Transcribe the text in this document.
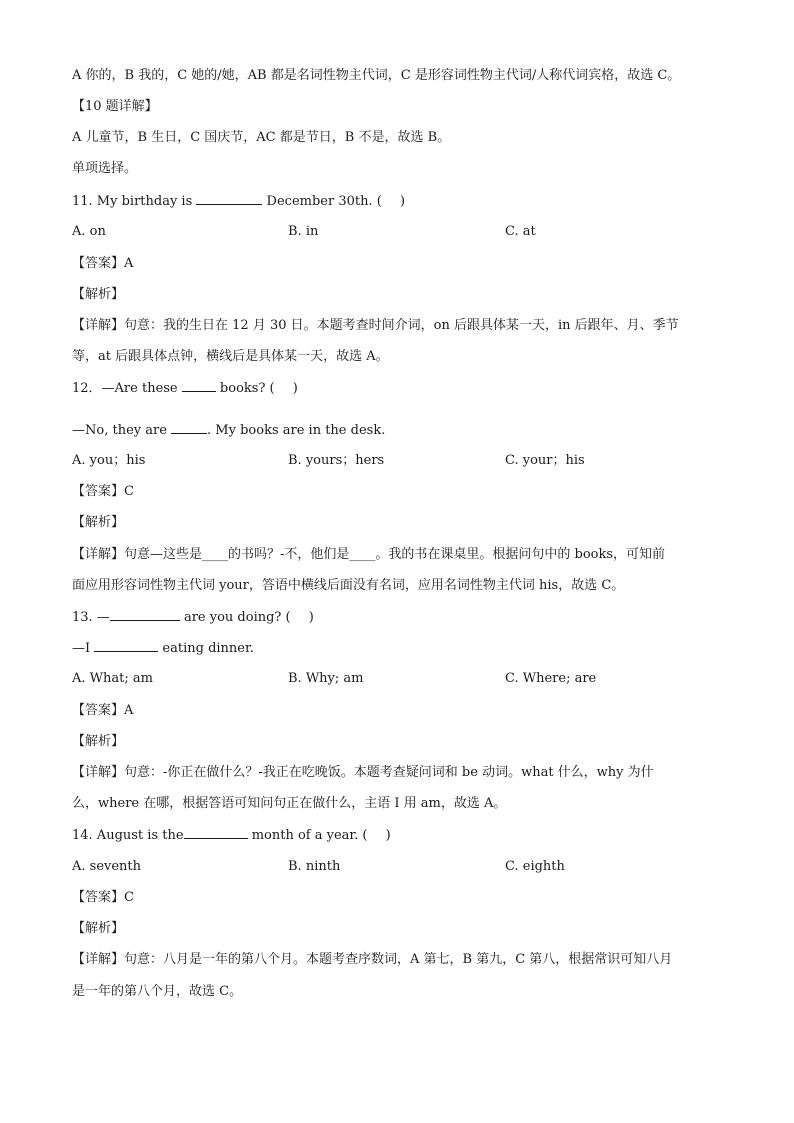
A 你的，B 我的，C 她的/她，AB 都是名词性物主代词，C 是形容词性物主代词/人称代词宾格，故选 C。
【10 题详解】
A 儿童节，B 生日，C 国庆节，AC 都是节日，B 不是，故选 B。
单项选择。
11. My birthday is	December 30th. ( )
A. on	B. in	C. at
【答案】A
【解析】
【详解】句意：我的生日在 12 月 30 日。本题考查时间介词，on 后跟具体某一天，in 后跟年、月、季节
等，at 后跟具体点钟，横线后是具体某一天，故选 A。
12．—Are these	books? ( )
—No, they are	. My books are in the desk.
A. you；his	B. yours；hers	C. your；his
【答案】C
【解析】
【详解】句意—这些是____的书吗？-不，他们是____。我的书在课桌里。根据问句中的 books，可知前
面应用形容词性物主代词 your，答语中横线后面没有名词，应用名词性物主代词 his，故选 C。
13. —	are you doing? ( )
—I	eating dinner.
A. What; am	B. Why; am	C. Where; are
【答案】A
【解析】
【详解】句意：-你正在做什么？-我正在吃晚饭。本题考查疑问词和 be 动词。what 什么，why 为什
么，where 在哪，根据答语可知问句正在做什么，主语 I 用 am，故选 A。
14. August is the	month of a year. ( )
A. seventh	B. ninth	C. eighth
【答案】C
【解析】
【详解】句意：八月是一年的第八个月。本题考查序数词，A 第七，B 第九，C 第八，根据常识可知八月
是一年的第八个月，故选 C。
